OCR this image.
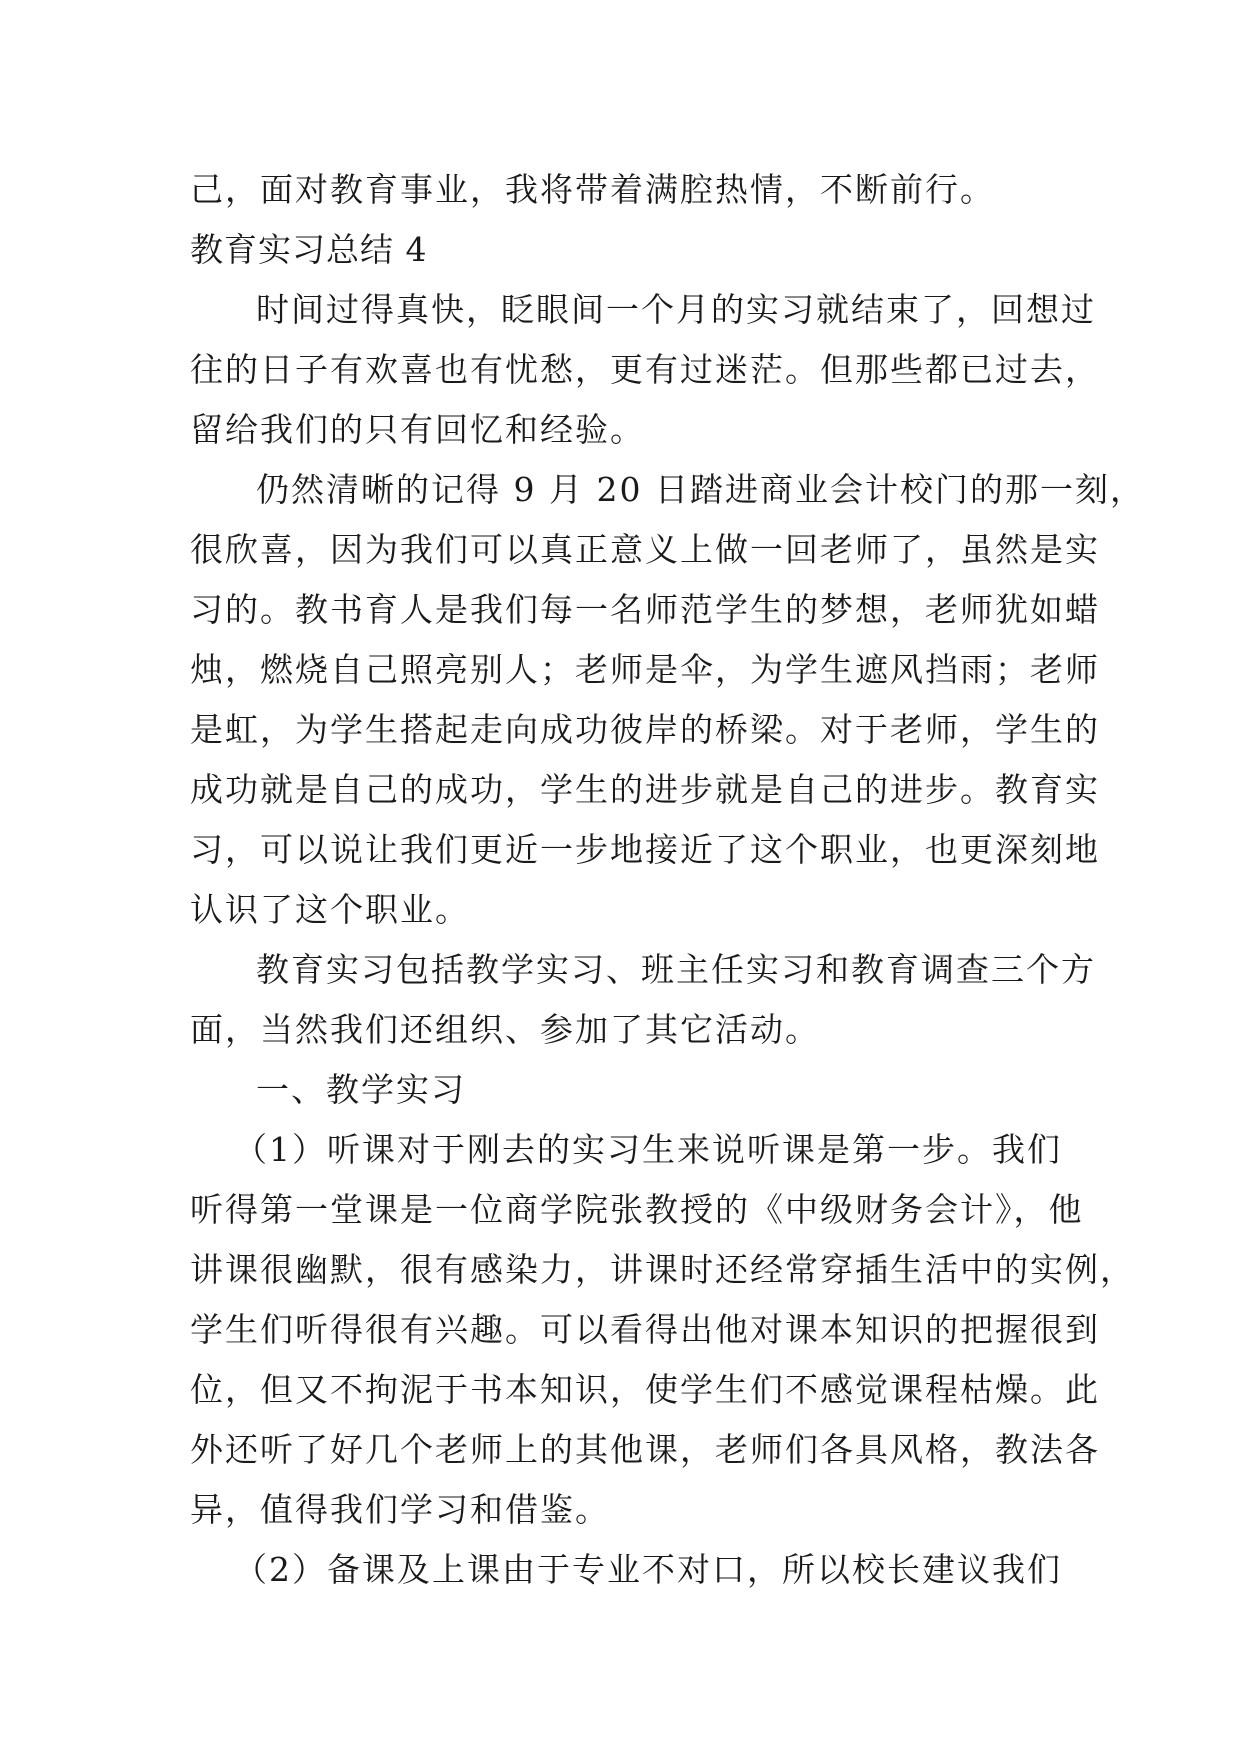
己，面对教育事业，我将带着满腔热情，不断前行。
教育实习总结 4
时间过得真快，眨眼间一个月的实习就结束了，回想过
往的日子有欢喜也有忧愁，更有过迷茫。但那些都已过去，
留给我们的只有回忆和经验。
仍然清晰的记得 9 月 20 日踏进商业会计校门的那一刻，
很欣喜，因为我们可以真正意义上做一回老师了，虽然是实
习的。教书育人是我们每一名师范学生的梦想，老师犹如蜡
烛，燃烧自己照亮别人；老师是伞，为学生遮风挡雨；老师
是虹，为学生搭起走向成功彼岸的桥梁。对于老师，学生的
成功就是自己的成功，学生的进步就是自己的进步。教育实
习，可以说让我们更近一步地接近了这个职业，也更深刻地
认识了这个职业。
教育实习包括教学实习、班主任实习和教育调查三个方
面，当然我们还组织、参加了其它活动。
一、教学实习
（1）听课对于刚去的实习生来说听课是第一步。我们
听得第一堂课是一位商学院张教授的《中级财务会计》，他
讲课很幽默，很有感染力，讲课时还经常穿插生活中的实例，
学生们听得很有兴趣。可以看得出他对课本知识的把握很到
位，但又不拘泥于书本知识，使学生们不感觉课程枯燥。此
外还听了好几个老师上的其他课，老师们各具风格，教法各
异，值得我们学习和借鉴。
（2）备课及上课由于专业不对口，所以校长建议我们
